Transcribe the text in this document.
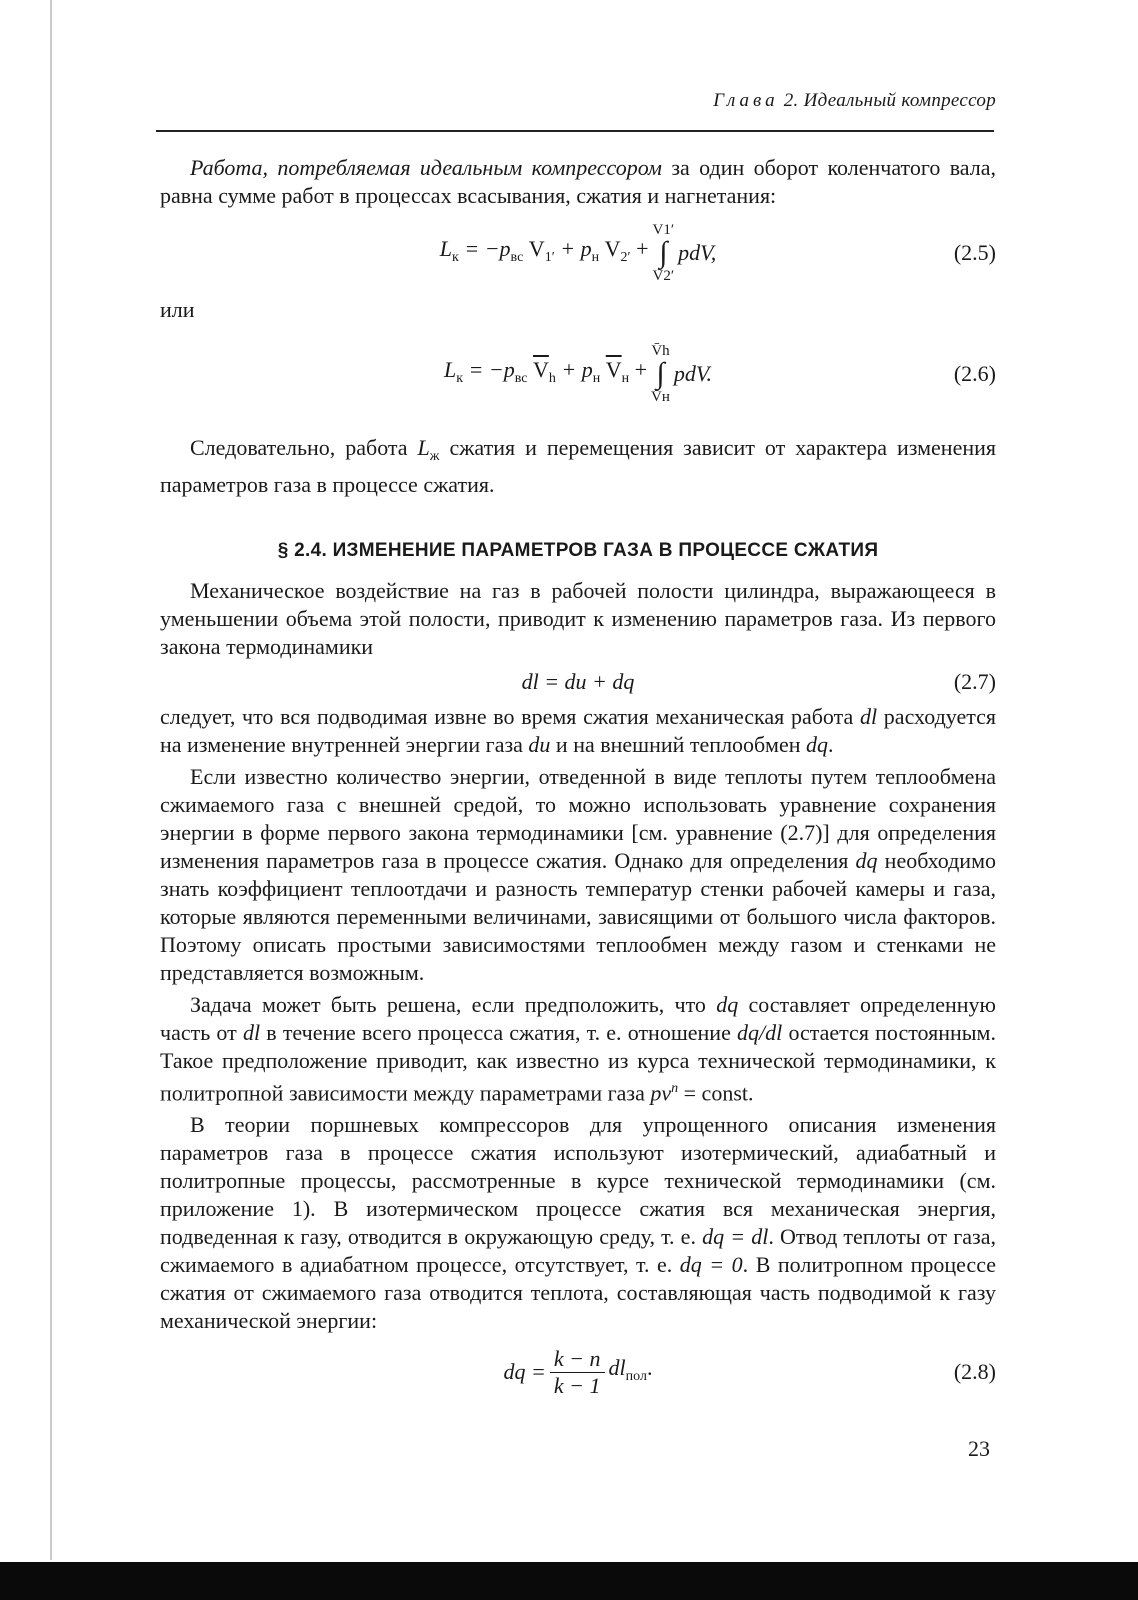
Глава 2. Идеальный компрессор

Работа, потребляемая идеальным компрессором за один оборот коленчатого вала, равна сумме работ в процессах всасывания, сжатия и нагнетания:

$L_к = -p_{вс}$ $V_{1'} + p_н$ $V_{2'}$ +
V1′
∫
V2′
pdV,	(2.5)

или

$L_к = -p_{вс}$ $\overline{V}_h + p_н$ $\overline{V}_н$ +
V̄h
∫
V̄н
pdV.	(2.6)

Следовательно, работа $L_ж$ сжатия и перемещения зависит от характера изменения параметров газа в процессе сжатия.

§ 2.4. ИЗМЕНЕНИЕ ПАРАМЕТРОВ ГАЗА В ПРОЦЕССЕ СЖАТИЯ

Механическое воздействие на газ в рабочей полости цилиндра, выражающееся в уменьшении объема этой полости, приводит к изменению параметров газа. Из первого закона термодинамики

dl = du + dq	(2.7)

следует, что вся подводимая извне во время сжатия механическая работа dl расходуется на изменение внутренней энергии газа du и на внешний теплообмен dq.

Если известно количество энергии, отведенной в виде теплоты путем теплообмена сжимаемого газа с внешней средой, то можно использовать уравнение сохранения энергии в форме первого закона термодинамики [см. уравнение (2.7)] для определения изменения параметров газа в процессе сжатия. Однако для определения dq необходимо знать коэффициент теплоотдачи и разность температур стенки рабочей камеры и газа, которые являются переменными величинами, зависящими от большого числа факторов. Поэтому описать простыми зависимостями теплообмен между газом и стенками не представляется возможным.

Задача может быть решена, если предположить, что dq составляет определенную часть от dl в течение всего процесса сжатия, т. е. отношение dq/dl остается постоянным. Такое предположение приводит, как известно из курса технической термодинамики, к политропной зависимости между параметрами газа $pv^n$ = const.

В теории поршневых компрессоров для упрощенного описания изменения параметров газа в процессе сжатия используют изотермический, адиабатный и политропные процессы, рассмотренные в курсе технической термодинамики (см. приложение 1). В изотермическом процессе сжатия вся механическая энергия, подведенная к газу, отводится в окружающую среду, т. е. dq = dl. Отвод теплоты от газа, сжимаемого в адиабатном процессе, отсутствует, т. е. dq = 0. В политропном процессе сжатия от сжимаемого газа отводится теплота, составляющая часть подводимой к газу механической энергии:

dq = $\frac{k - n}{k - 1} dl_{пол}$.	(2.8)
23
